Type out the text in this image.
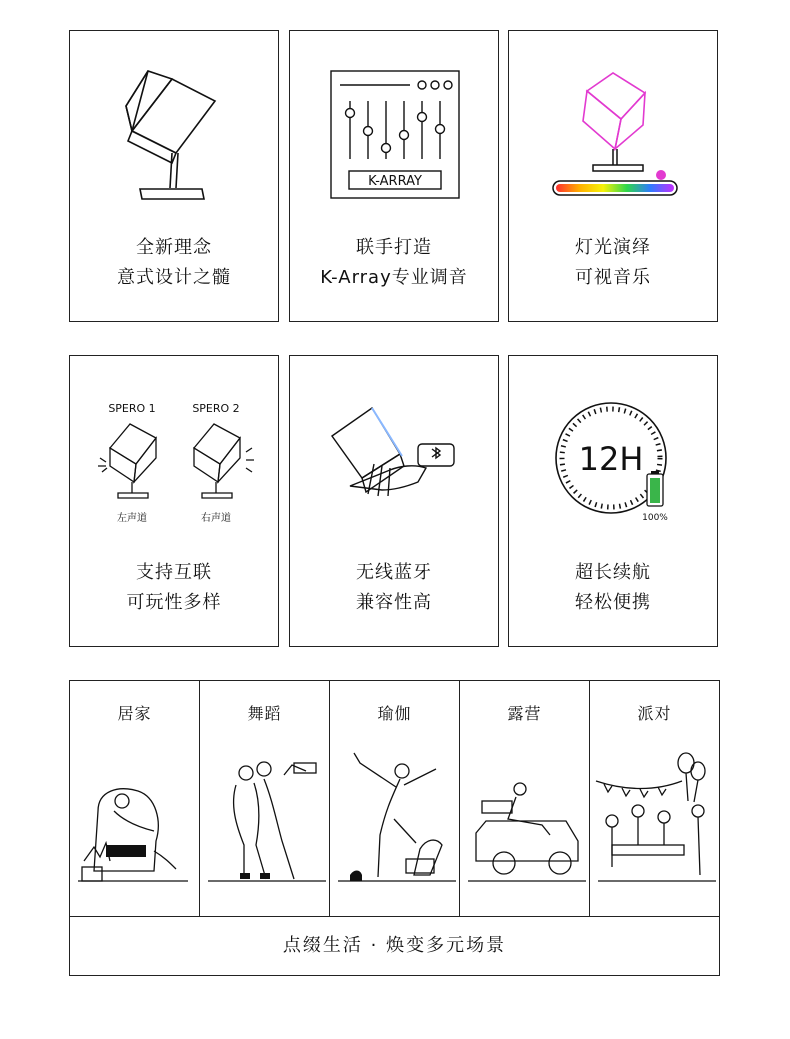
全新理念
意式设计之髓
K-ARRAY
联手打造
K-Array专业调音
灯光演绎
可视音乐
SPERO 1	SPERO 2
左声道	右声道
支持互联
可玩性多样
无线蓝牙
兼容性高
12H
100%
超长续航
轻松便携
居家	舞蹈	瑜伽	露营	派对
点缀生活 · 焕变多元场景
